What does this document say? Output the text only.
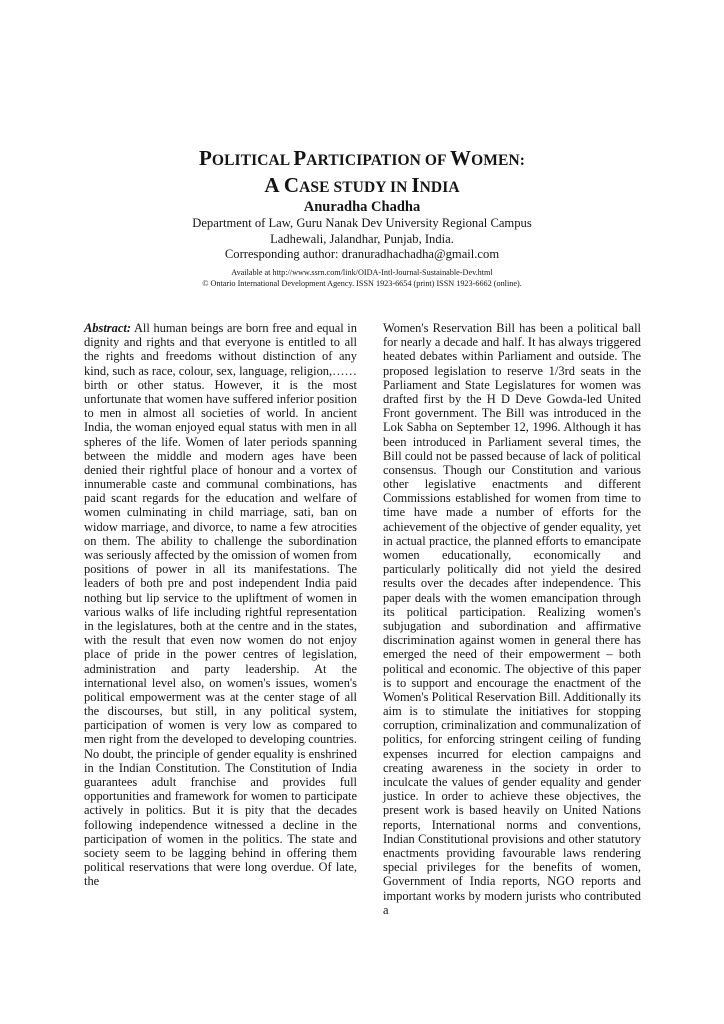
POLITICAL PARTICIPATION OF WOMEN:
A CASE STUDY IN INDIA
Anuradha Chadha
Department of Law, Guru Nanak Dev University Regional Campus
Ladhewali, Jalandhar, Punjab, India.
Corresponding author: dranuradhachadha@gmail.com
Available at http://www.ssrn.com/link/OIDA-Intl-Journal-Sustainable-Dev.html
© Ontario International Development Agency. ISSN 1923-6654 (print) ISSN 1923-6662 (online).

Abstract: All human beings are born free and equal in dignity and rights and that everyone is entitled to all the rights and freedoms without distinction of any kind, such as race, colour, sex, language, religion,……birth or other status. However, it is the most unfortunate that women have suffered inferior position to men in almost all societies of world. In ancient India, the woman enjoyed equal status with men in all spheres of the life. Women of later periods spanning between the middle and modern ages have been denied their rightful place of honour and a vortex of innumerable caste and communal combinations, has paid scant regards for the education and welfare of women culminating in child marriage, sati, ban on widow marriage, and divorce, to name a few atrocities on them. The ability to challenge the subordination was seriously affected by the omission of women from positions of power in all its manifestations. The leaders of both pre and post independent India paid nothing but lip service to the upliftment of women in various walks of life including rightful representation in the legislatures, both at the centre and in the states, with the result that even now women do not enjoy place of pride in the power centres of legislation, administration and party leadership. At the international level also, on women's issues, women's political empowerment was at the center stage of all the discourses, but still, in any political system, participation of women is very low as compared to men right from the developed to developing countries. No doubt, the principle of gender equality is enshrined in the Indian Constitution. The Constitution of India guarantees adult franchise and provides full opportunities and framework for women to participate actively in politics. But it is pity that the decades following independence witnessed a decline in the participation of women in the politics. The state and society seem to be lagging behind in offering them political reservations that were long overdue. Of late, the

Women's Reservation Bill has been a political ball for nearly a decade and half. It has always triggered heated debates within Parliament and outside. The proposed legislation to reserve 1/3rd seats in the Parliament and State Legislatures for women was drafted first by the H D Deve Gowda-led United Front government. The Bill was introduced in the Lok Sabha on September 12, 1996. Although it has been introduced in Parliament several times, the Bill could not be passed because of lack of political consensus. Though our Constitution and various other legislative enactments and different Commissions established for women from time to time have made a number of efforts for the achievement of the objective of gender equality, yet in actual practice, the planned efforts to emancipate women educationally, economically and particularly politically did not yield the desired results over the decades after independence. This paper deals with the women emancipation through its political participation. Realizing women's subjugation and subordination and affirmative discrimination against women in general there has emerged the need of their empowerment – both political and economic. The objective of this paper is to support and encourage the enactment of the Women's Political Reservation Bill. Additionally its aim is to stimulate the initiatives for stopping corruption, criminalization and communalization of politics, for enforcing stringent ceiling of funding expenses incurred for election campaigns and creating awareness in the society in order to inculcate the values of gender equality and gender justice. In order to achieve these objectives, the present work is based heavily on United Nations reports, International norms and conventions, Indian Constitutional provisions and other statutory enactments providing favourable laws rendering special privileges for the benefits of women, Government of India reports, NGO reports and important works by modern jurists who contributed a
